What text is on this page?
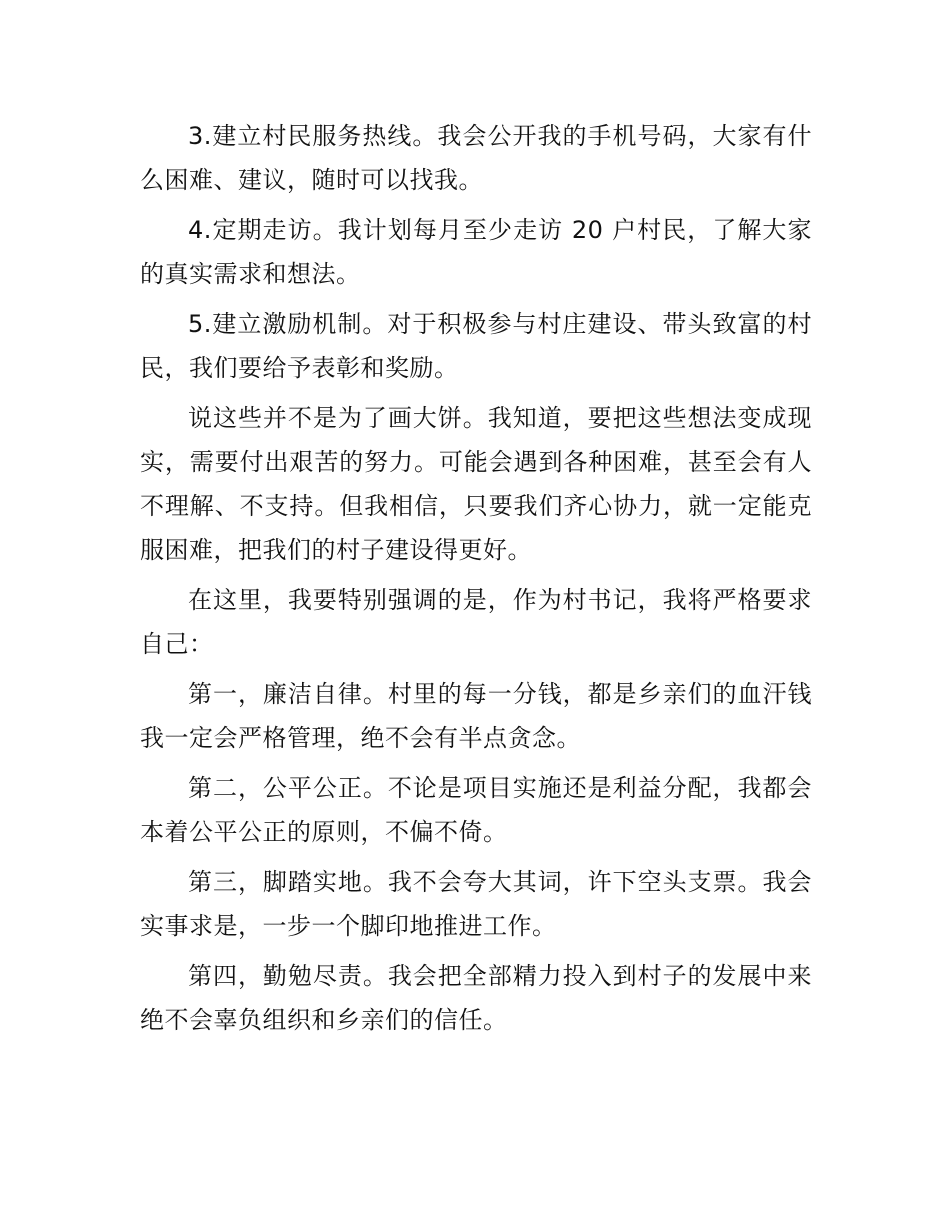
3.建立村民服务热线。我会公开我的手机号码，大家有什么困难、建议，随时可以找我。

4.定期走访。我计划每月至少走访 20 户村民，了解大家的真实需求和想法。

5.建立激励机制。对于积极参与村庄建设、带头致富的村民，我们要给予表彰和奖励。

说这些并不是为了画大饼。我知道，要把这些想法变成现实，需要付出艰苦的努力。可能会遇到各种困难，甚至会有人不理解、不支持。但我相信，只要我们齐心协力，就一定能克服困难，把我们的村子建设得更好。

在这里，我要特别强调的是，作为村书记，我将严格要求自己：

第一，廉洁自律。村里的每一分钱，都是乡亲们的血汗钱我一定会严格管理，绝不会有半点贪念。

第二，公平公正。不论是项目实施还是利益分配，我都会本着公平公正的原则，不偏不倚。

第三，脚踏实地。我不会夸大其词，许下空头支票。我会实事求是，一步一个脚印地推进工作。

第四，勤勉尽责。我会把全部精力投入到村子的发展中来绝不会辜负组织和乡亲们的信任。
